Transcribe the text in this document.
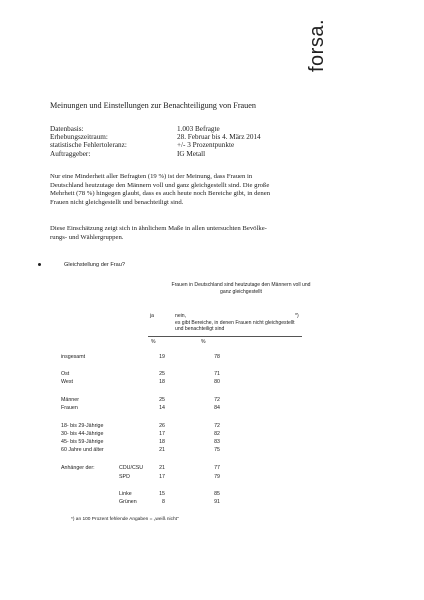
forsa.
Meinungen und Einstellungen zur Benachteiligung von Frauen
Datenbasis:	1.003 Befragte
Erhebungszeitraum:	28. Februar bis 4. März 2014
statistische Fehlertoleranz:	+/- 3 Prozentpunkte
Auftraggeber:	IG Metall
Nur eine Minderheit aller Befragten (19 %) ist der Meinung, dass Frauen in
Deutschland heutzutage den Männern voll und ganz gleichgestellt sind. Die große
Mehrheit (78 %) hingegen glaubt, dass es auch heute noch Bereiche gibt, in denen
Frauen nicht gleichgestellt und benachteiligt sind.
Diese Einschätzung zeigt sich in ähnlichem Maße in allen untersuchten Bevölke-
rungs- und Wählergruppen.
Gleichstellung der Frau?
Frauen in Deutschland sind heutzutage den Männern voll und ganz gleichgestellt
ja	nein,	*)
es gibt Bereiche, in denen Frauen nicht gleichgestellt und benachteiligt sind
%	%
insgesamt	19	78
Ost	25	71
West	18	80
Männer	25	72
Frauen	14	84
18- bis 29-Jährige	26	72
30- bis 44-Jährige	17	82
45- bis 59-Jährige	18	83
60 Jahre und älter	21	75
Anhänger der:	CDU/CSU	21	77
SPD	17	79
Linke	15	85
Grünen	8	91
*) an 100 Prozent fehlende Angaben = „weiß nicht"
